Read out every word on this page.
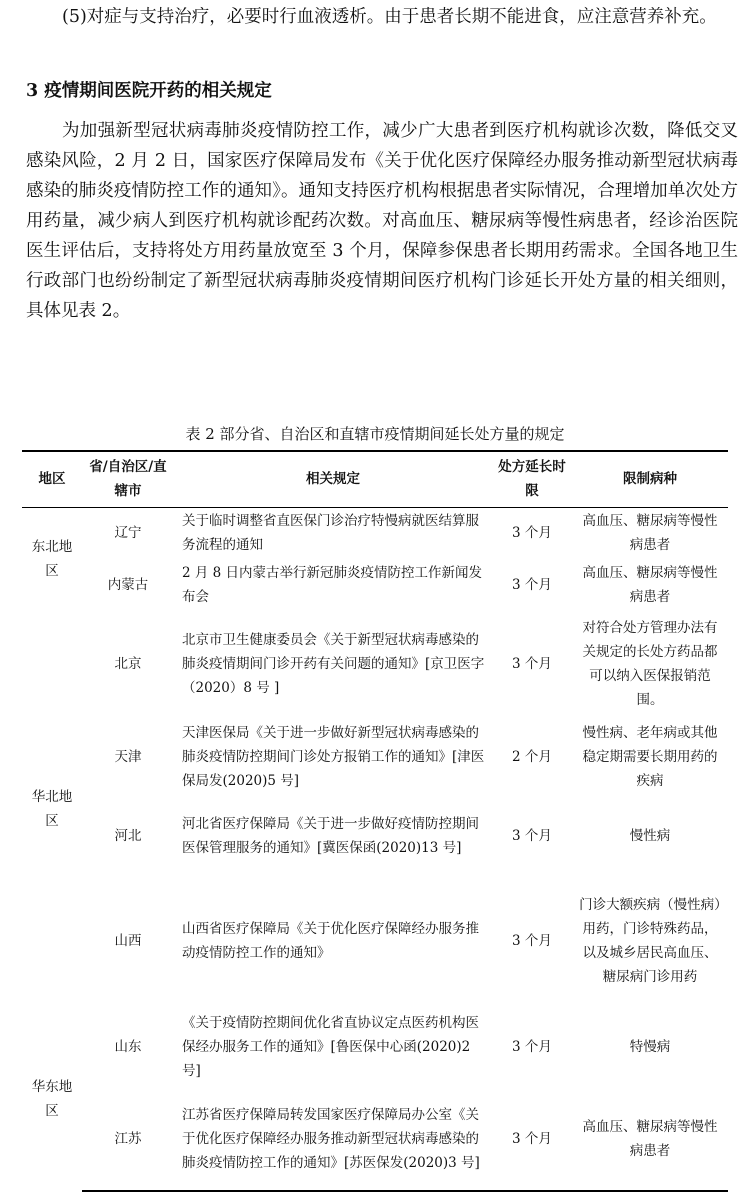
(5)对症与支持治疗，必要时行血液透析。由于患者长期不能进食，应注意营养补充。

3 疫情期间医院开药的相关规定

为加强新型冠状病毒肺炎疫情防控工作，减少广大患者到医疗机构就诊次数，降低交叉感染风险，2 月 2 日，国家医疗保障局发布《关于优化医疗保障经办服务推动新型冠状病毒感染的肺炎疫情防控工作的通知》。通知支持医疗机构根据患者实际情况，合理增加单次处方用药量，减少病人到医疗机构就诊配药次数。对高血压、糖尿病等慢性病患者，经诊治医院医生评估后，支持将处方用药量放宽至 3 个月，保障参保患者长期用药需求。全国各地卫生行政部门也纷纷制定了新型冠状病毒肺炎疫情期间医疗机构门诊延长开处方量的相关细则，具体见表 2。

表 2 部分省、自治区和直辖市疫情期间延长处方量的规定
地区	省/自治区/直辖市	相关规定	处方延长时限	限制病种
东北地区	辽宁	关于临时调整省直医保门诊治疗特慢病就医结算服务流程的通知	3 个月	高血压、糖尿病等慢性病患者
	内蒙古	2 月 8 日内蒙古举行新冠肺炎疫情防控工作新闻发布会	3 个月	高血压、糖尿病等慢性病患者
华北地区	北京	北京市卫生健康委员会《关于新型冠状病毒感染的肺炎疫情期间门诊开药有关问题的通知》[京卫医字（2020）8 号 ]	3 个月	对符合处方管理办法有关规定的长处方药品都可以纳入医保报销范围。
	天津	天津医保局《关于进一步做好新型冠状病毒感染的肺炎疫情防控期间门诊处方报销工作的通知》[津医保局发(2020)5 号]	2 个月	慢性病、老年病或其他稳定期需要长期用药的疾病
	河北	河北省医疗保障局《关于进一步做好疫情防控期间医保管理服务的通知》[冀医保函(2020)13 号]	3 个月	慢性病
	山西	山西省医疗保障局《关于优化医疗保障经办服务推动疫情防控工作的通知》	3 个月	门诊大额疾病（慢性病）用药，门诊特殊药品，以及城乡居民高血压、糖尿病门诊用药
华东地区	山东	《关于疫情防控期间优化省直协议定点医药机构医保经办服务工作的通知》[鲁医保中心函(2020)2 号]	3 个月	特慢病
	江苏	江苏省医疗保障局转发国家医疗保障局办公室《关于优化医疗保障经办服务推动新型冠状病毒感染的肺炎疫情防控工作的通知》[苏医保发(2020)3 号]	3 个月	高血压、糖尿病等慢性病患者
